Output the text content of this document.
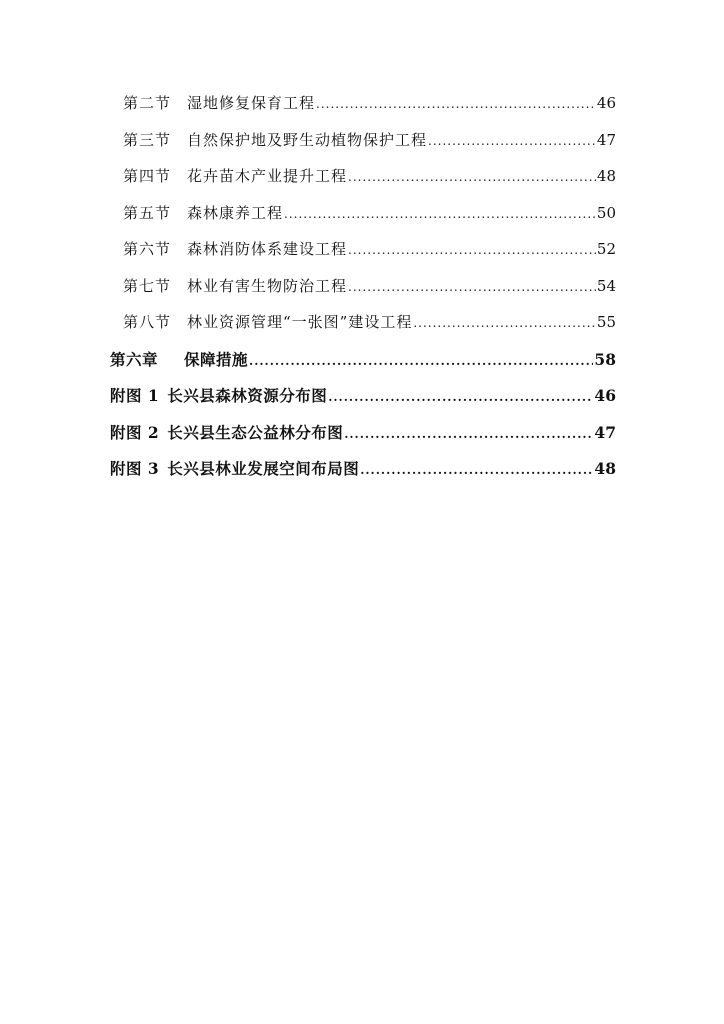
第二节 湿地修复保育工程 .....	46
第三节 自然保护地及野生动植物保护工程 .....	47
第四节 花卉苗木产业提升工程 .....	48
第五节 森林康养工程 .....	50
第六节 森林消防体系建设工程 .....	52
第七节 林业有害生物防治工程 .....	54
第八节 林业资源管理“一张图”建设工程 .....	55
第六章 保障措施 .....	58
附图 1 长兴县森林资源分布图 .....	46
附图 2 长兴县生态公益林分布图 .....	47
附图 3 长兴县林业发展空间布局图 .....	48
